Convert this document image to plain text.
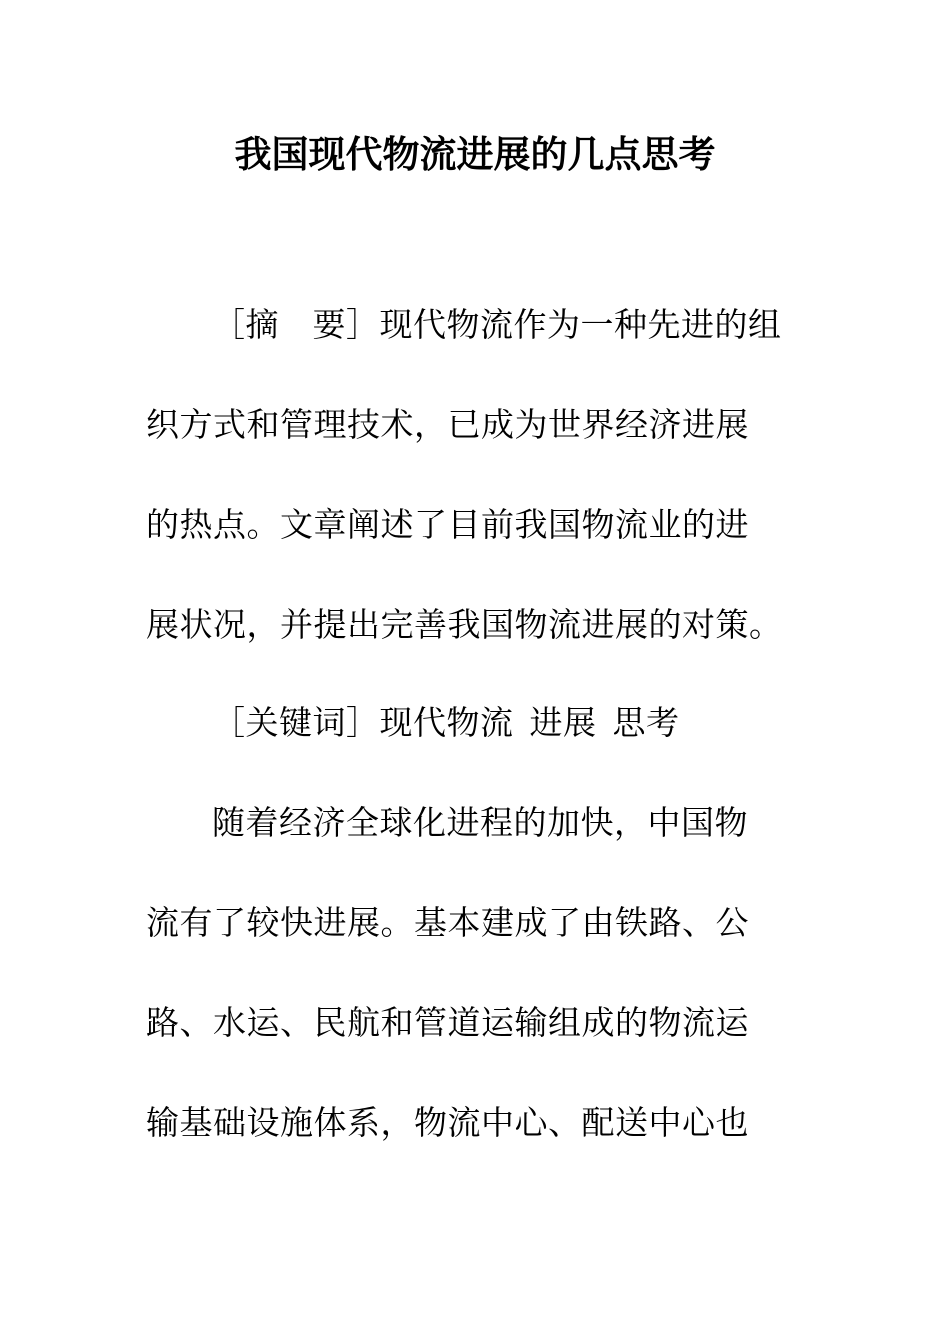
我国现代物流进展的几点思考
［摘　要］现代物流作为一种先进的组
织方式和管理技术，已成为世界经济进展
的热点。文章阐述了目前我国物流业的进
展状况，并提出完善我国物流进展的对策。
［关键词］现代物流 进展 思考
随着经济全球化进程的加快，中国物
流有了较快进展。基本建成了由铁路、公
路、水运、民航和管道运输组成的物流运
输基础设施体系，物流中心、配送中心也
